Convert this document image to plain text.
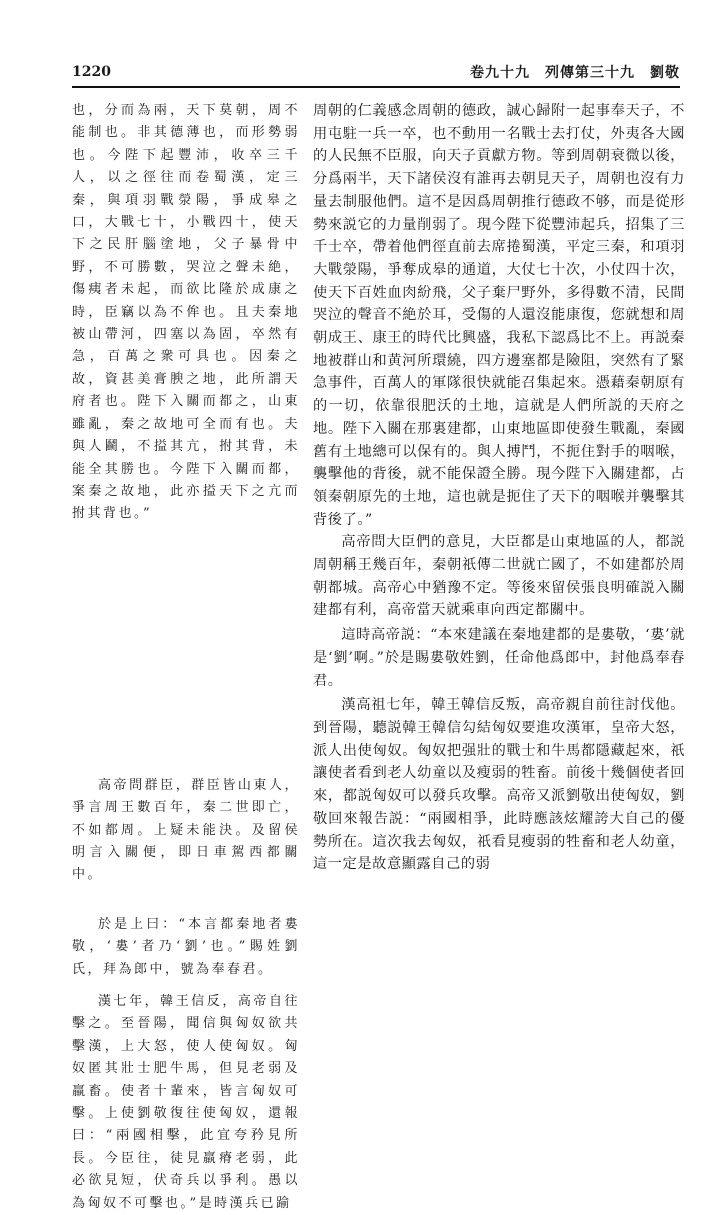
1220	卷九十九　列傳第三十九　劉敬

也，分而為兩，天下莫朝，周不能制也。非其德薄也，而形勢弱也。今陛下起豐沛，收卒三千人，以之徑往而卷蜀漢，定三秦，與項羽戰滎陽，爭成皋之口，大戰七十，小戰四十，使天下之民肝腦塗地，父子暴骨中野，不可勝數，哭泣之聲未絶，傷痍者未起，而欲比隆於成康之時，臣竊以為不侔也。且夫秦地被山帶河，四塞以為固，卒然有急，百萬之衆可具也。因秦之故，資甚美膏腴之地，此所謂天府者也。陛下入關而都之，山東雖亂，秦之故地可全而有也。夫與人鬬，不搤其亢，拊其背，未能全其勝也。今陛下入關而都，案秦之故地，此亦搤天下之亢而拊其背也。”

高帝問群臣，群臣皆山東人，爭言周王數百年，秦二世即亡，不如都周。上疑未能決。及留侯明言入關便，即日車駕西都關中。

於是上曰：“本言都秦地者婁敬，‘婁’者乃‘劉’也。”賜姓劉氏，拜為郎中，號為奉春君。

漢七年，韓王信反，高帝自往擊之。至晉陽，聞信與匈奴欲共擊漢，上大怒，使人使匈奴。匈奴匿其壯士肥牛馬，但見老弱及羸畜。使者十輩來，皆言匈奴可擊。上使劉敬復往使匈奴，還報曰：“兩國相擊，此宜夸矜見所長。今臣往，徒見羸瘠老弱，此必欲見短，伏奇兵以爭利。愚以為匈奴不可擊也。”是時漢兵已踰

周朝的仁義感念周朝的德政，誠心歸附一起事奉天子，不用屯駐一兵一卒，也不動用一名戰士去打仗，外夷各大國的人民無不臣服，向天子貢獻方物。等到周朝衰微以後，分爲兩半，天下諸侯沒有誰再去朝見天子，周朝也沒有力量去制服他們。這不是因爲周朝推行德政不够，而是從形勢來説它的力量削弱了。現今陛下從豐沛起兵，招集了三千士卒，帶着他們徑直前去席捲蜀漢，平定三秦，和項羽大戰滎陽，爭奪成皋的通道，大仗七十次，小仗四十次，使天下百姓血肉紛飛，父子棄尸野外，多得數不清，民間哭泣的聲音不絶於耳，受傷的人還沒能康復，您就想和周朝成王、康王的時代比興盛，我私下認爲比不上。再説秦地被群山和黄河所環繞，四方邊塞都是險阻，突然有了緊急事件，百萬人的軍隊很快就能召集起來。憑藉秦朝原有的一切，依靠很肥沃的土地，這就是人們所説的天府之地。陛下入關在那裏建都，山東地區即使發生戰亂，秦國舊有土地總可以保有的。與人搏鬥，不扼住對手的咽喉，襲擊他的背後，就不能保證全勝。現今陛下入關建都，占領秦朝原先的土地，這也就是扼住了天下的咽喉并襲擊其背後了。”

高帝問大臣們的意見，大臣都是山東地區的人，都説周朝稱王幾百年，秦朝祇傳二世就亡國了，不如建都於周朝都城。高帝心中猶豫不定。等後來留侯張良明確説入關建都有利，高帝當天就乘車向西定都關中。

這時高帝説：“本來建議在秦地建都的是婁敬，‘婁’就是‘劉’啊。”於是賜婁敬姓劉，任命他爲郎中，封他爲奉春君。

漢高祖七年，韓王韓信反叛，高帝親自前往討伐他。到晉陽，聽説韓王韓信勾結匈奴要進攻漢軍，皇帝大怒，派人出使匈奴。匈奴把强壯的戰士和牛馬都隱藏起來，祇讓使者看到老人幼童以及瘦弱的牲畜。前後十幾個使者回來，都説匈奴可以發兵攻擊。高帝又派劉敬出使匈奴，劉敬回來報告説：“兩國相爭，此時應該炫耀誇大自己的優勢所在。這次我去匈奴，祇看見瘦弱的牲畜和老人幼童，這一定是故意顯露自己的弱
